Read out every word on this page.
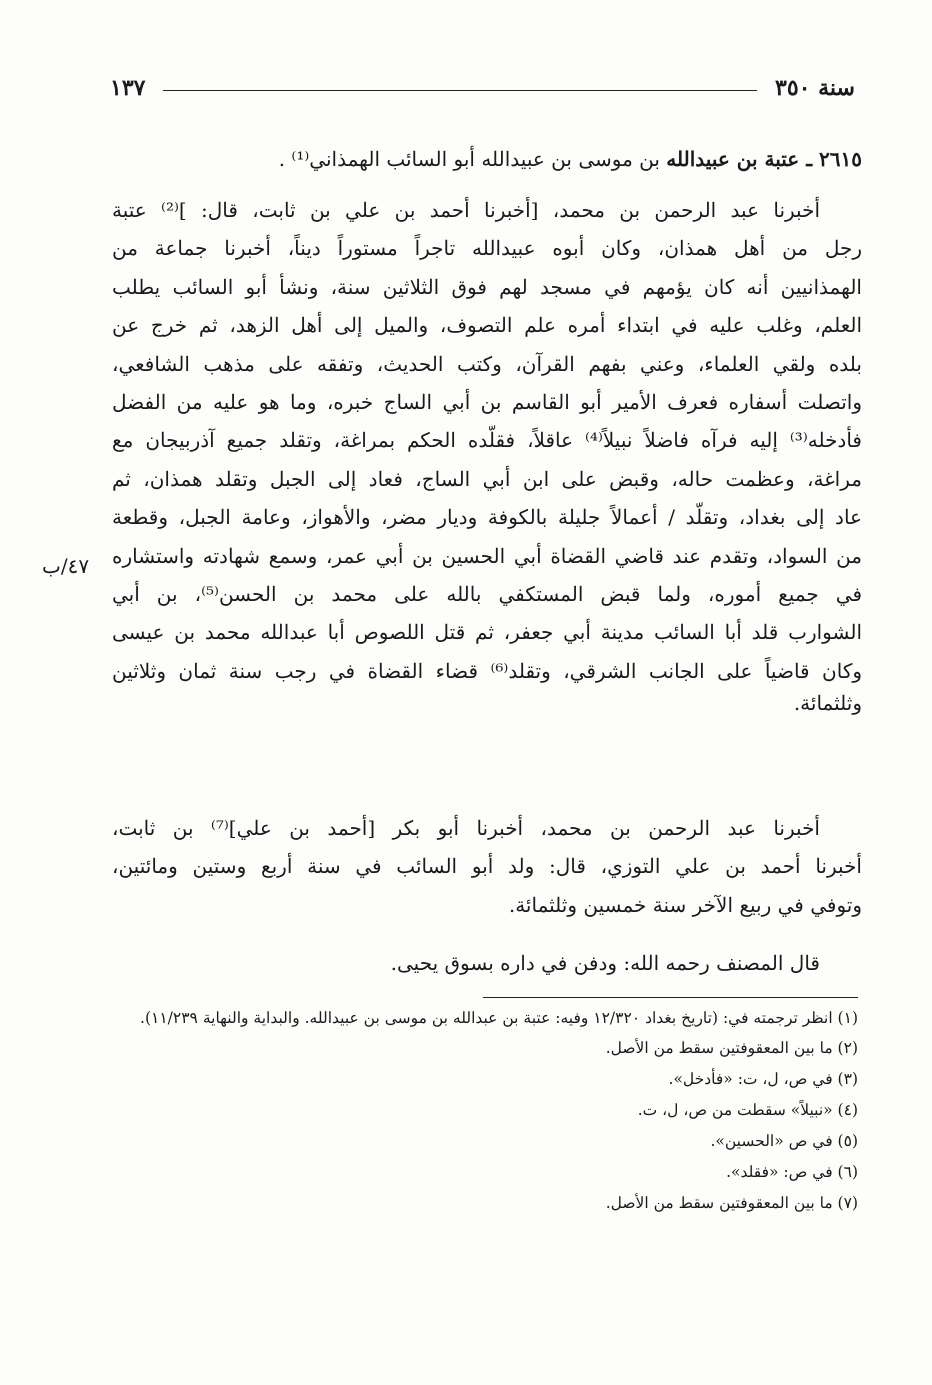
سنة ٣٥٠
١٣٧
٢٦١٥ ـ عتبة بن عبيدالله بن موسى بن عبيدالله أبو السائب الهمذاني⁽¹⁾ .
أخبرنا عبد الرحمن بن محمد، [أخبرنا أحمد بن علي بن ثابت، قال: ]⁽²⁾ عتبة
رجل من أهل همذان، وكان أبوه عبيدالله تاجراً مستوراً ديناً، أخبرنا جماعة من
الهمذانيين أنه كان يؤمهم في مسجد لهم فوق الثلاثين سنة، ونشأ أبو السائب يطلب
العلم، وغلب عليه في ابتداء أمره علم التصوف، والميل إلى أهل الزهد، ثم خرج عن
بلده ولقي العلماء، وعني بفهم القرآن، وكتب الحديث، وتفقه على مذهب الشافعي،
واتصلت أسفاره فعرف الأمير أبو القاسم بن أبي الساج خبره، وما هو عليه من الفضل
فأدخله⁽³⁾ إليه فرآه فاضلاً نبيلاً⁽⁴⁾ عاقلاً، فقلّده الحكم بمراغة، وتقلد جميع آذربيجان مع
مراغة، وعظمت حاله، وقبض على ابن أبي الساج، فعاد إلى الجبل وتقلد همذان، ثم
عاد إلى بغداد، وتقلّد / أعمالاً جليلة بالكوفة وديار مضر، والأهواز، وعامة الجبل، وقطعة
من السواد، وتقدم عند قاضي القضاة أبي الحسين بن أبي عمر، وسمع شهادته واستشاره
في جميع أموره، ولما قبض المستكفي بالله على محمد بن الحسن⁽⁵⁾، بن أبي
الشوارب قلد أبا السائب مدينة أبي جعفر، ثم قتل اللصوص أبا عبدالله محمد بن عيسى
وكان قاضياً على الجانب الشرقي، وتقلد⁽⁶⁾ قضاء القضاة في رجب سنة ثمان وثلاثين
وثلثمائة.
٤٧/ب
أخبرنا عبد الرحمن بن محمد، أخبرنا أبو بكر [أحمد بن علي]⁽⁷⁾ بن ثابت،
أخبرنا أحمد بن علي التوزي، قال: ولد أبو السائب في سنة أربع وستين ومائتين،
وتوفي في ربيع الآخر سنة خمسين وثلثمائة.
قال المصنف رحمه الله: ودفن في داره بسوق يحيى.
(١) انظر ترجمته في: (تاريخ بغداد ١٢/٣٢٠ وفيه: عتبة بن عبدالله بن موسى بن عبيدالله. والبداية والنهاية ١١/٢٣٩).
(٢) ما بين المعقوفتين سقط من الأصل.
(٣) في ص، ل، ت: «فأدخل».
(٤) «نبيلاً» سقطت من ص، ل، ت.
(٥) في ص «الحسين».
(٦) في ص: «فقلد».
(٧) ما بين المعقوفتين سقط من الأصل.
